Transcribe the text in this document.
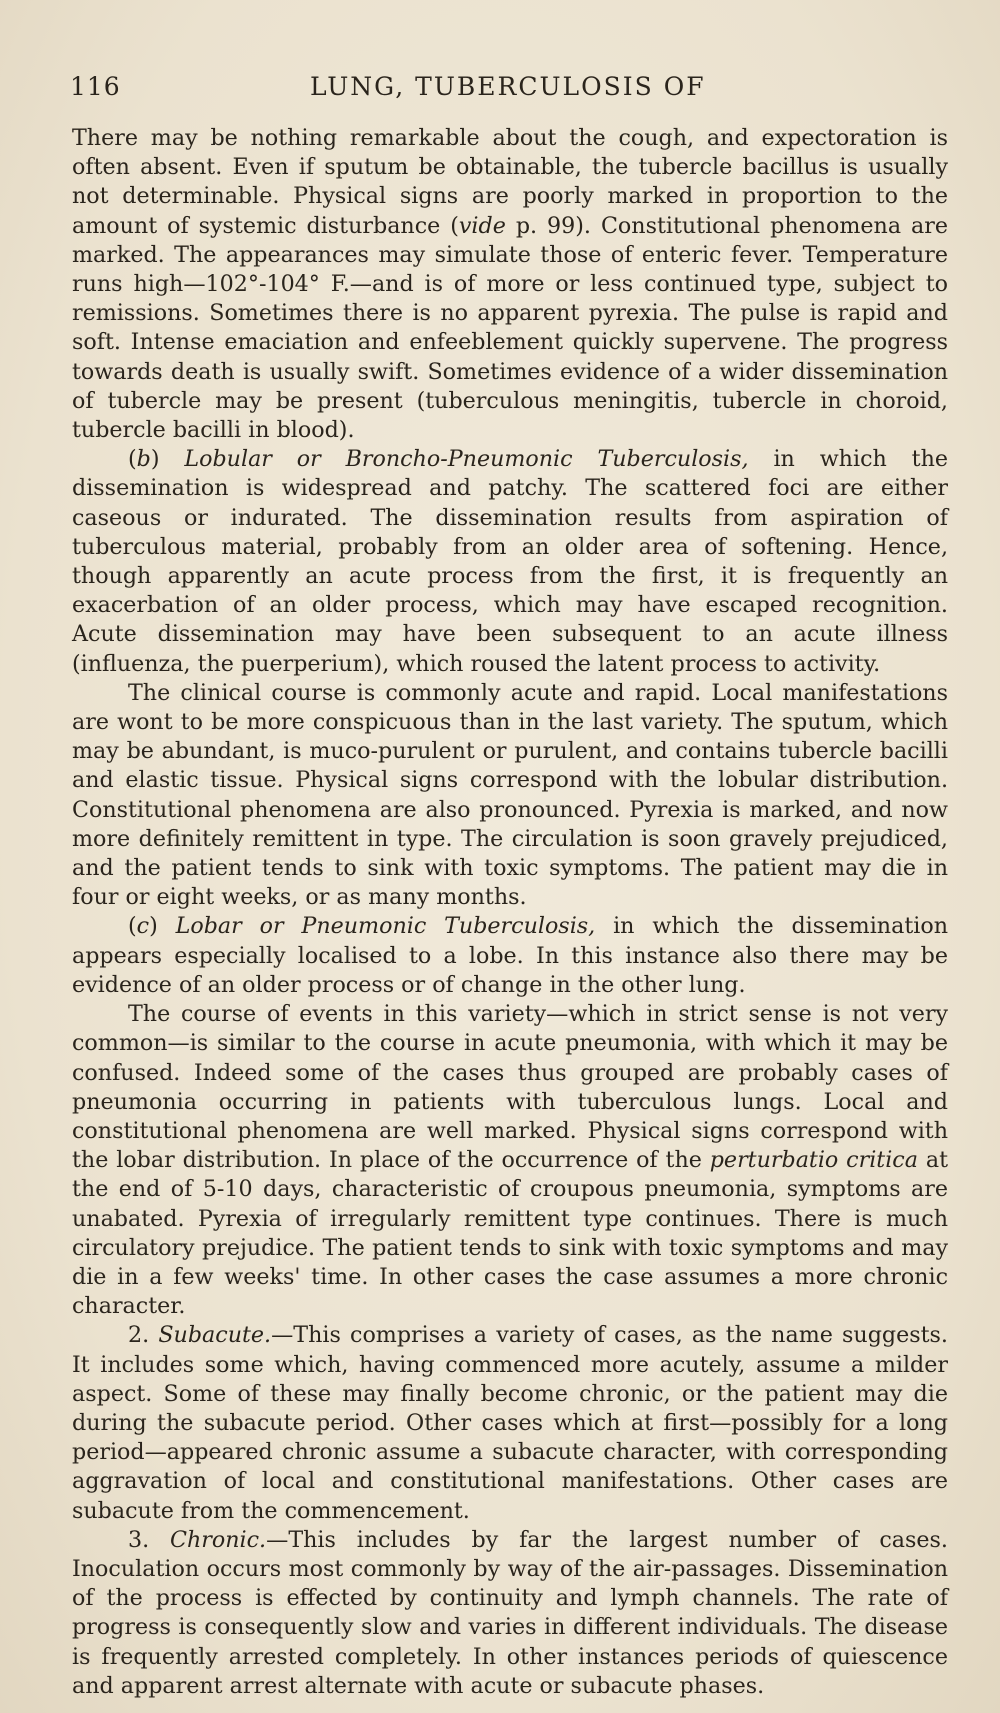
116	LUNG, TUBERCULOSIS OF

There may be nothing remarkable about the cough, and expectoration is often absent. Even if sputum be obtainable, the tubercle bacillus is usually not determinable. Physical signs are poorly marked in proportion to the amount of systemic disturbance (vide p. 99). Constitutional phenomena are marked. The appearances may simulate those of enteric fever. Temperature runs high—102°-104° F.—and is of more or less continued type, subject to remissions. Sometimes there is no apparent pyrexia. The pulse is rapid and soft. Intense emaciation and enfeeblement quickly supervene. The progress towards death is usually swift. Sometimes evidence of a wider dissemination of tubercle may be present (tuberculous meningitis, tubercle in choroid, tubercle bacilli in blood).

(b) Lobular or Broncho-Pneumonic Tuberculosis, in which the dissemination is widespread and patchy. The scattered foci are either caseous or indurated. The dissemination results from aspiration of tuberculous material, probably from an older area of softening. Hence, though apparently an acute process from the first, it is frequently an exacerbation of an older process, which may have escaped recognition. Acute dissemination may have been subsequent to an acute illness (influenza, the puerperium), which roused the latent process to activity.

The clinical course is commonly acute and rapid. Local manifestations are wont to be more conspicuous than in the last variety. The sputum, which may be abundant, is muco-purulent or purulent, and contains tubercle bacilli and elastic tissue. Physical signs correspond with the lobular distribution. Constitutional phenomena are also pronounced. Pyrexia is marked, and now more definitely remittent in type. The circulation is soon gravely prejudiced, and the patient tends to sink with toxic symptoms. The patient may die in four or eight weeks, or as many months.

(c) Lobar or Pneumonic Tuberculosis, in which the dissemination appears especially localised to a lobe. In this instance also there may be evidence of an older process or of change in the other lung.

The course of events in this variety—which in strict sense is not very common—is similar to the course in acute pneumonia, with which it may be confused. Indeed some of the cases thus grouped are probably cases of pneumonia occurring in patients with tuberculous lungs. Local and constitutional phenomena are well marked. Physical signs correspond with the lobar distribution. In place of the occurrence of the perturbatio critica at the end of 5-10 days, characteristic of croupous pneumonia, symptoms are unabated. Pyrexia of irregularly remittent type continues. There is much circulatory prejudice. The patient tends to sink with toxic symptoms and may die in a few weeks' time. In other cases the case assumes a more chronic character.

2. Subacute.—This comprises a variety of cases, as the name suggests. It includes some which, having commenced more acutely, assume a milder aspect. Some of these may finally become chronic, or the patient may die during the subacute period. Other cases which at first—possibly for a long period—appeared chronic assume a subacute character, with corresponding aggravation of local and constitutional manifestations. Other cases are subacute from the commencement.

3. Chronic.—This includes by far the largest number of cases. Inoculation occurs most commonly by way of the air-passages. Dissemination of the process is effected by continuity and lymph channels. The rate of progress is consequently slow and varies in different individuals. The disease is frequently arrested completely. In other instances periods of quiescence and apparent arrest alternate with acute or subacute phases.
